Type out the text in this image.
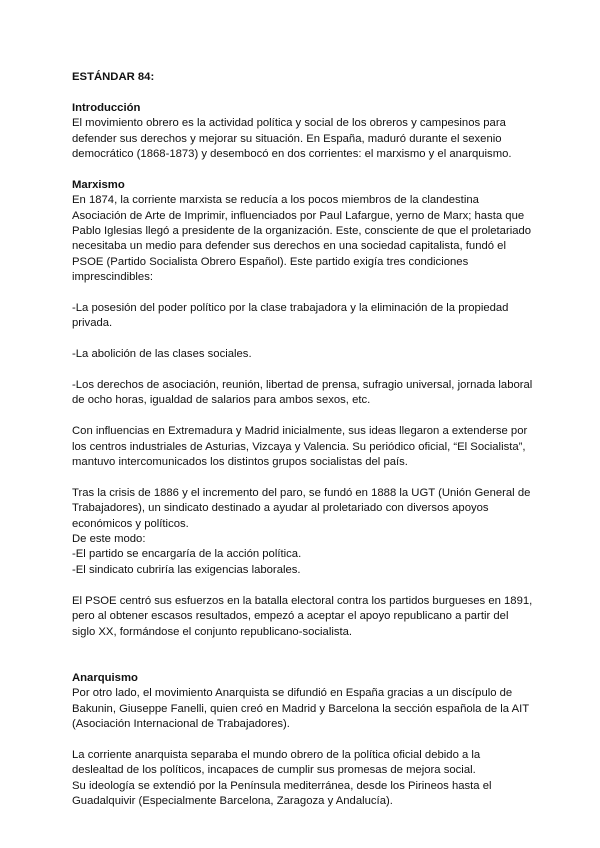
ESTÁNDAR 84:

Introducción

El movimiento obrero es la actividad política y social de los obreros y campesinos para defender sus derechos y mejorar su situación. En España, maduró durante el sexenio democrático (1868-1873) y desembocó en dos corrientes: el marxismo y el anarquismo.

Marxismo

En 1874, la corriente marxista se reducía a los pocos miembros de la clandestina Asociación de Arte de Imprimir, influenciados por Paul Lafargue, yerno de Marx; hasta que Pablo Iglesias llegó a presidente de la organización. Este, consciente de que el proletariado necesitaba un medio para defender sus derechos en una sociedad capitalista, fundó el PSOE (Partido Socialista Obrero Español). Este partido exigía tres condiciones imprescindibles:

-La posesión del poder político por la clase trabajadora y la eliminación de la propiedad privada.

-La abolición de las clases sociales.

-Los derechos de asociación, reunión, libertad de prensa, sufragio universal, jornada laboral de ocho horas, igualdad de salarios para ambos sexos, etc.

Con influencias en Extremadura y Madrid inicialmente, sus ideas llegaron a extenderse por los centros industriales de Asturias, Vizcaya y Valencia. Su periódico oficial, “El Socialista”, mantuvo intercomunicados los distintos grupos socialistas del país.

Tras la crisis de 1886 y el incremento del paro, se fundó en 1888 la UGT (Unión General de Trabajadores), un sindicato destinado a ayudar al proletariado con diversos apoyos económicos y políticos.

De este modo:

-El partido se encargaría de la acción política.

-El sindicato cubriría las exigencias laborales.

El PSOE centró sus esfuerzos en la batalla electoral contra los partidos burgueses en 1891, pero al obtener escasos resultados, empezó a aceptar el apoyo republicano a partir del siglo XX, formándose el conjunto republicano-socialista.

Anarquismo

Por otro lado, el movimiento Anarquista se difundió en España gracias a un discípulo de Bakunin, Giuseppe Fanelli, quien creó en Madrid y Barcelona la sección española de la AIT (Asociación Internacional de Trabajadores).

La corriente anarquista separaba el mundo obrero de la política oficial debido a la deslealtad de los políticos, incapaces de cumplir sus promesas de mejora social.

Su ideología se extendió por la Península mediterránea, desde los Pirineos hasta el Guadalquivir (Especialmente Barcelona, Zaragoza y Andalucía).
